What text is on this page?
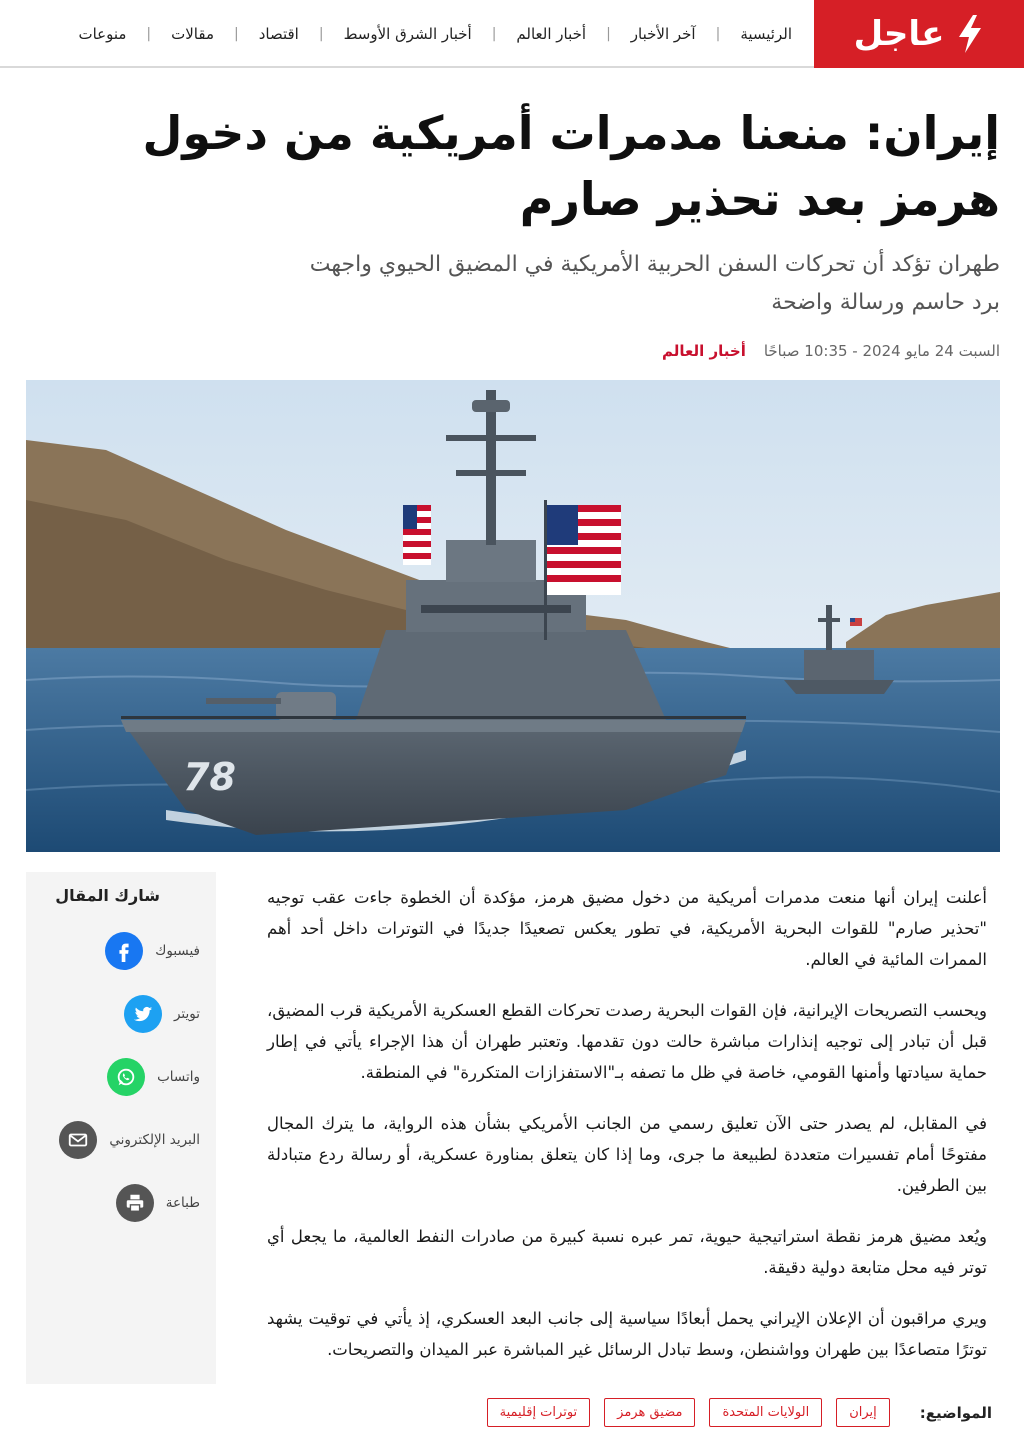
عاجل
الرئيسية
|
آخر الأخبار
|
أخبار العالم
|
أخبار الشرق الأوسط
|
اقتصاد
|
مقالات
|
منوعات
إيران: منعنا مدمرات أمريكية من دخول هرمز بعد تحذير صارم

طهران تؤكد أن تحركات السفن الحربية الأمريكية في المضيق الحيوي واجهت برد حاسم ورسالة واضحة

السبت 24 مايو 2024 - 10:35 صباحًا
أخبار العالم
78

أعلنت إيران أنها منعت مدمرات أمريكية من دخول مضيق هرمز، مؤكدة أن الخطوة جاءت عقب توجيه "تحذير صارم" للقوات البحرية الأمريكية، في تطور يعكس تصعيدًا جديدًا في التوترات داخل أحد أهم الممرات المائية في العالم.

ويحسب التصريحات الإيرانية، فإن القوات البحرية رصدت تحركات القطع العسكرية الأمريكية قرب المضيق، قبل أن تبادر إلى توجيه إنذارات مباشرة حالت دون تقدمها. وتعتبر طهران أن هذا الإجراء يأتي في إطار حماية سيادتها وأمنها القومي، خاصة في ظل ما تصفه بـ"الاستفزازات المتكررة" في المنطقة.

في المقابل، لم يصدر حتى الآن تعليق رسمي من الجانب الأمريكي بشأن هذه الرواية، ما يترك المجال مفتوحًا أمام تفسيرات متعددة لطبيعة ما جرى، وما إذا كان يتعلق بمناورة عسكرية، أو رسالة ردع متبادلة بين الطرفين.

ويُعد مضيق هرمز نقطة استراتيجية حيوية، تمر عبره نسبة كبيرة من صادرات النفط العالمية، ما يجعل أي توتر فيه محل متابعة دولية دقيقة.

ويري مراقبون أن الإعلان الإيراني يحمل أبعادًا سياسية إلى جانب البعد العسكري، إذ يأتي في توقيت يشهد توترًا متصاعدًا بين طهران وواشنطن، وسط تبادل الرسائل غير المباشرة عبر الميدان والتصريحات.

شارك المقال
فيسبوك
تويتر
واتساب
البريد الإلكتروني
طباعة
المواضيع:
إيران
الولايات المتحدة
مضيق هرمز
توترات إقليمية
